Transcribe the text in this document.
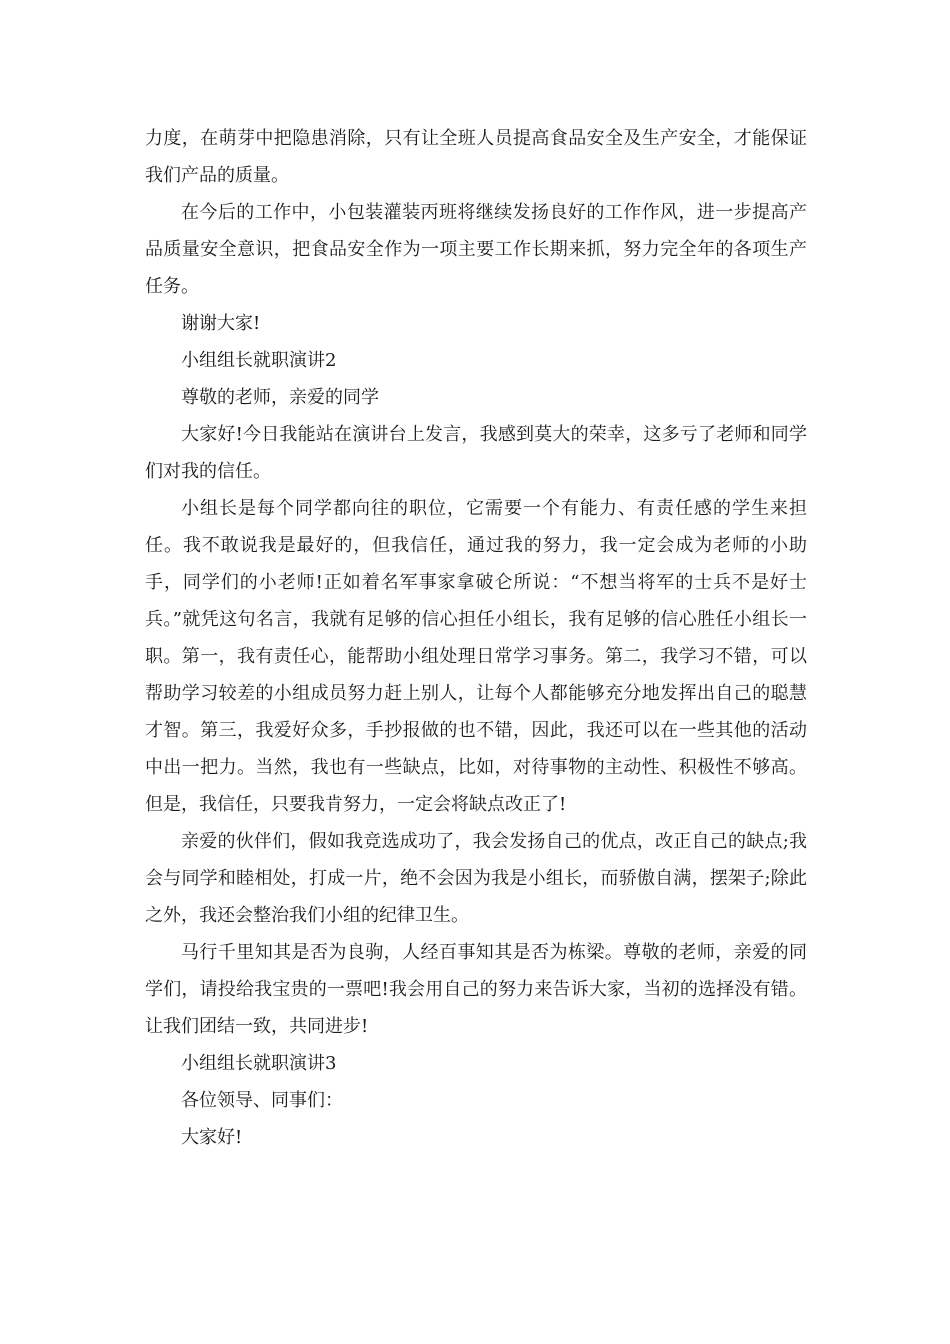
力度，在萌芽中把隐患消除，只有让全班人员提高食品安全及生产安全，才能保证我们产品的质量。

在今后的工作中，小包装灌装丙班将继续发扬良好的工作作风，进一步提高产品质量安全意识，把食品安全作为一项主要工作长期来抓，努力完全年的各项生产任务。

谢谢大家!

小组组长就职演讲2

尊敬的老师，亲爱的同学

大家好!今日我能站在演讲台上发言，我感到莫大的荣幸，这多亏了老师和同学们对我的信任。

小组长是每个同学都向往的职位，它需要一个有能力、有责任感的学生来担任。我不敢说我是最好的，但我信任，通过我的努力，我一定会成为老师的小助手，同学们的小老师!正如着名军事家拿破仑所说：“不想当将军的士兵不是好士兵。”就凭这句名言，我就有足够的信心担任小组长，我有足够的信心胜任小组长一职。第一，我有责任心，能帮助小组处理日常学习事务。第二，我学习不错，可以帮助学习较差的小组成员努力赶上别人，让每个人都能够充分地发挥出自己的聪慧才智。第三，我爱好众多，手抄报做的也不错，因此，我还可以在一些其他的活动中出一把力。当然，我也有一些缺点，比如，对待事物的主动性、积极性不够高。但是，我信任，只要我肯努力，一定会将缺点改正了!

亲爱的伙伴们，假如我竞选成功了，我会发扬自己的优点，改正自己的缺点;我会与同学和睦相处，打成一片，绝不会因为我是小组长，而骄傲自满，摆架子;除此之外，我还会整治我们小组的纪律卫生。

马行千里知其是否为良驹，人经百事知其是否为栋梁。尊敬的老师，亲爱的同学们，请投给我宝贵的一票吧!我会用自己的努力来告诉大家，当初的选择没有错。让我们团结一致，共同进步!

小组组长就职演讲3

各位领导、同事们：

大家好!
